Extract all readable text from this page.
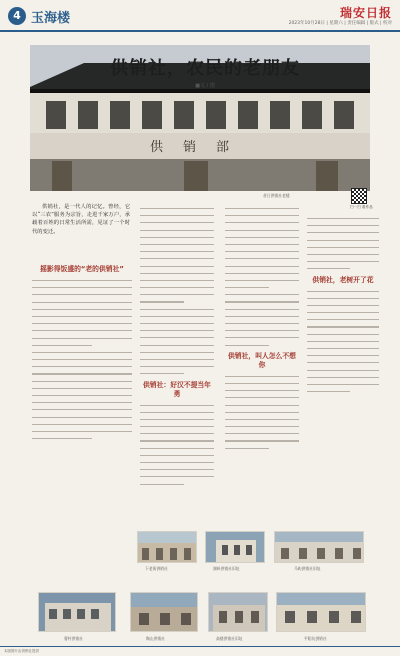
4 玉海楼	瑞安日报
2023年10月28日 | 星期六 | 责任编辑 | 版式 | 校对
供销部
供销社，农民的老朋友
■文 / 图
昔日供销社老楼
供销社，是一代人的记忆。曾经，它以“三农”服务为宗旨，走进千家万户，承载着百姓的日常生活所需，见证了一个时代的变迁。
摇影得饭盛的“老的供销社”
供销社：好汉不提当年勇
供销社，叫人怎么不想你
供销社，老树开了花
扫一扫 看作品
下老街供销社	湖岭供销社旧址	马屿供销社旧址
曹村供销社	陶山供销社	高楼供销社旧址	平阳坑供销社
本版图片由供销社提供
